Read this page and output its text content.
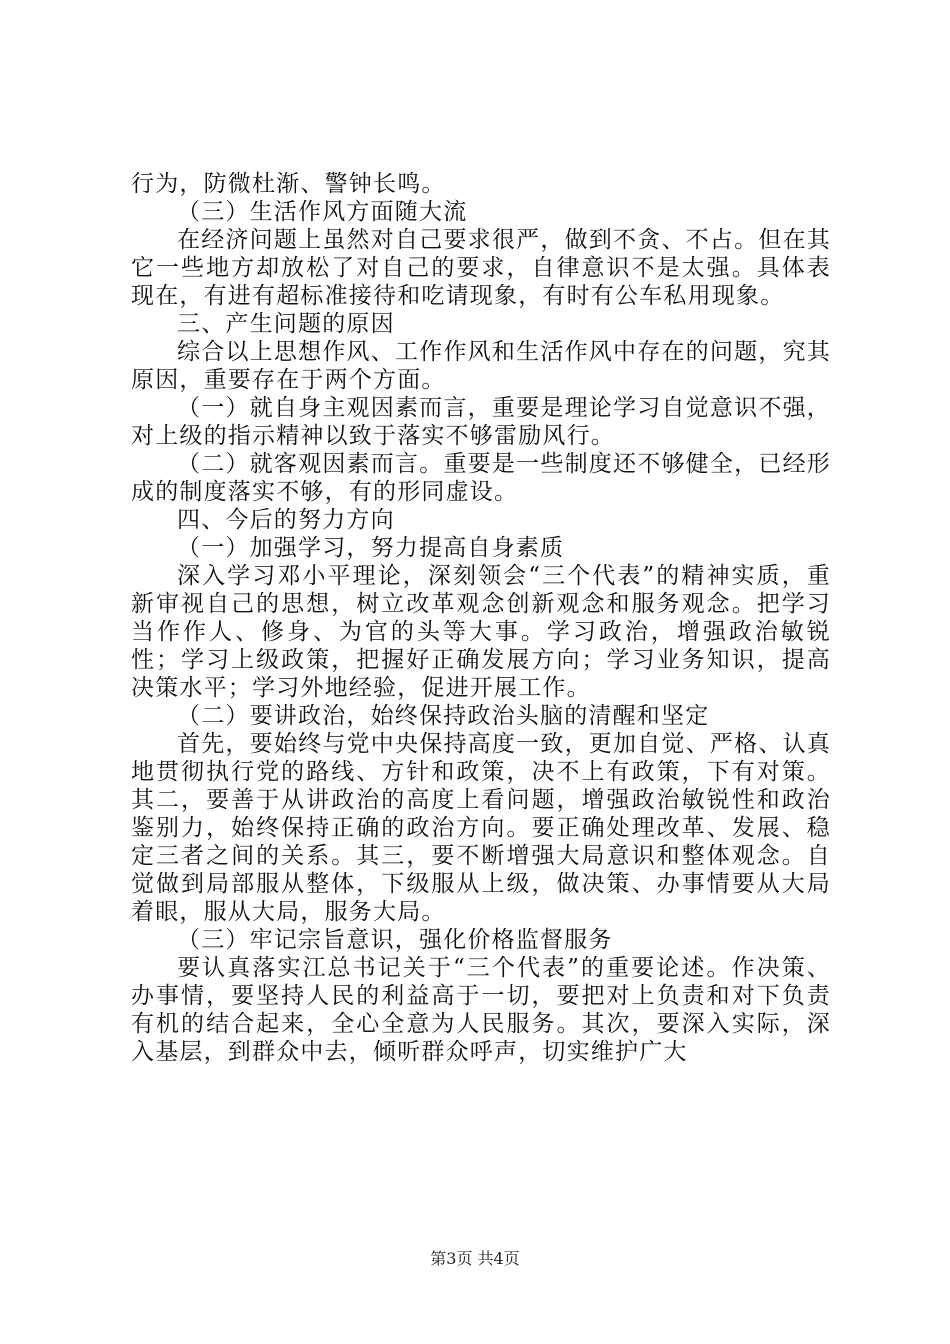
行为，防微杜渐、警钟长鸣。

（三）生活作风方面随大流

在经济问题上虽然对自己要求很严，做到不贪、不占。但在其它一些地方却放松了对自己的要求，自律意识不是太强。具体表现在，有进有超标准接待和吃请现象，有时有公车私用现象。

三、产生问题的原因

综合以上思想作风、工作作风和生活作风中存在的问题，究其原因，重要存在于两个方面。

（一）就自身主观因素而言，重要是理论学习自觉意识不强，对上级的指示精神以致于落实不够雷励风行。

（二）就客观因素而言。重要是一些制度还不够健全，已经形成的制度落实不够，有的形同虚设。

四、今后的努力方向

（一）加强学习，努力提高自身素质

深入学习邓小平理论，深刻领会“三个代表”的精神实质，重新审视自己的思想，树立改革观念创新观念和服务观念。把学习当作作人、修身、为官的头等大事。学习政治，增强政治敏锐性；学习上级政策，把握好正确发展方向；学习业务知识，提高决策水平；学习外地经验，促进开展工作。

（二）要讲政治，始终保持政治头脑的清醒和坚定

首先，要始终与党中央保持高度一致，更加自觉、严格、认真地贯彻执行党的路线、方针和政策，决不上有政策，下有对策。其二，要善于从讲政治的高度上看问题，增强政治敏锐性和政治鉴别力，始终保持正确的政治方向。要正确处理改革、发展、稳定三者之间的关系。其三，要不断增强大局意识和整体观念。自觉做到局部服从整体，下级服从上级，做决策、办事情要从大局着眼，服从大局，服务大局。

（三）牢记宗旨意识，强化价格监督服务

要认真落实江总书记关于“三个代表”的重要论述。作决策、办事情，要坚持人民的利益高于一切，要把对上负责和对下负责有机的结合起来，全心全意为人民服务。其次，要深入实际，深入基层，到群众中去，倾听群众呼声，切实维护广大

第3页 共4页
